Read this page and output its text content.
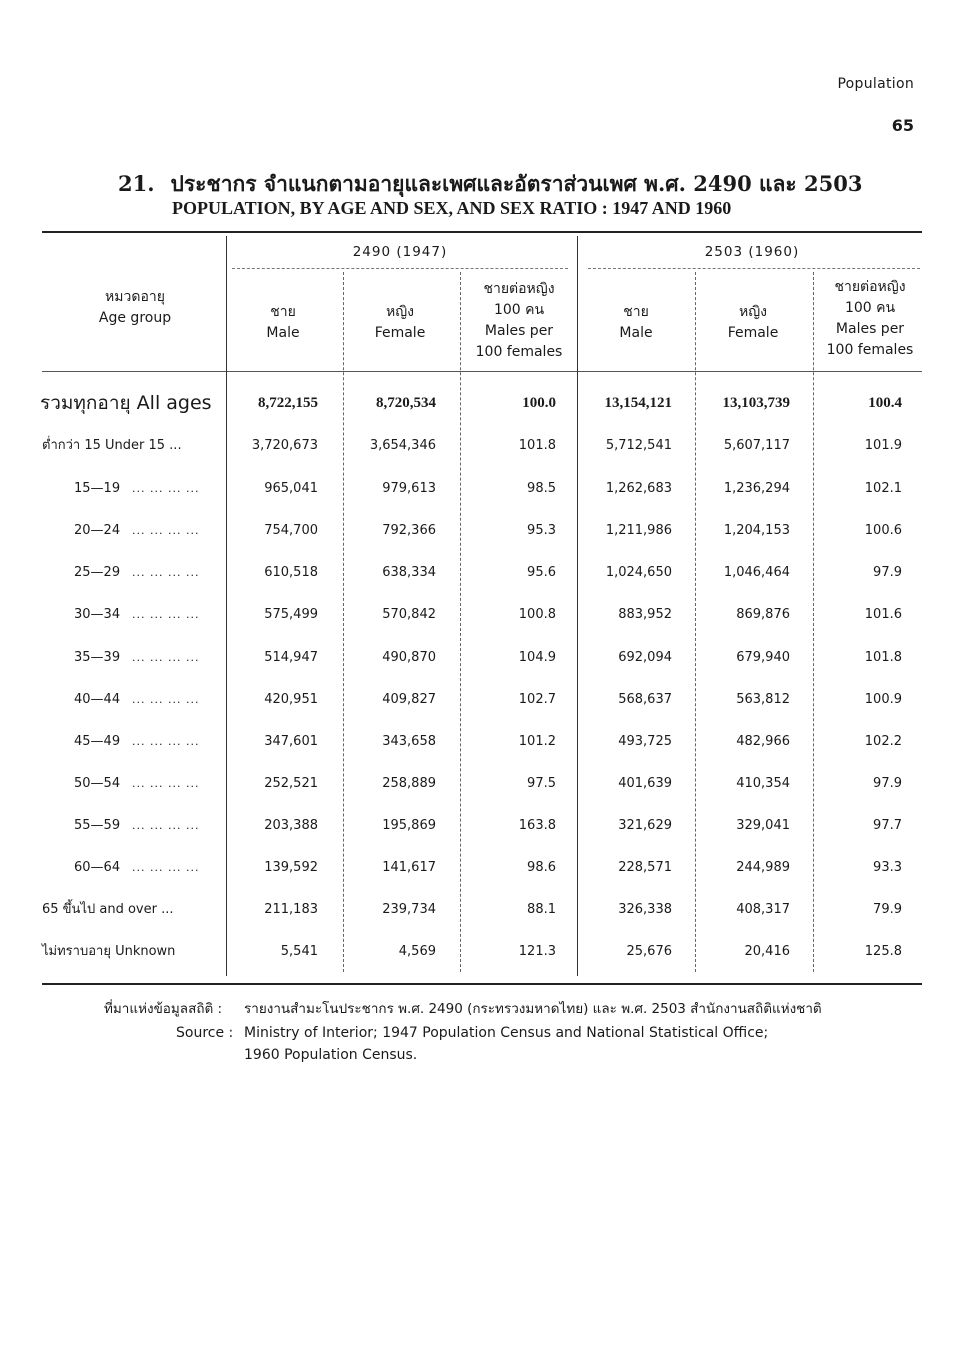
Population
65
21. ประชากร จำแนกตามอายุและเพศและอัตราส่วนเพศ พ.ศ. 2490 และ 2503
POPULATION, BY AGE AND SEX, AND SEX RATIO : 1947 AND 1960
หมวดอายุ
Age group
2490 (1947)	2503 (1960)
ชาย
Male
หญิง
Female
ชายต่อหญิง
100 คน
Males per
100 females
ชาย
Male
หญิง
Female
ชายต่อหญิง
100 คน
Males per
100 females
รวมทุกอายุ All ages	8,722,155	8,720,534	100.0	13,154,121	13,103,739	100.4
ต่ำกว่า 15 Under 15 ...	3,720,673	3,654,346	101.8	5,712,541	5,607,117	101.9
15—19 ... ... ... ...	965,041	979,613	98.5	1,262,683	1,236,294	102.1
20—24 ... ... ... ...	754,700	792,366	95.3	1,211,986	1,204,153	100.6
25—29 ... ... ... ...	610,518	638,334	95.6	1,024,650	1,046,464	97.9
30—34 ... ... ... ...	575,499	570,842	100.8	883,952	869,876	101.6
35—39 ... ... ... ...	514,947	490,870	104.9	692,094	679,940	101.8
40—44 ... ... ... ...	420,951	409,827	102.7	568,637	563,812	100.9
45—49 ... ... ... ...	347,601	343,658	101.2	493,725	482,966	102.2
50—54 ... ... ... ...	252,521	258,889	97.5	401,639	410,354	97.9
55—59 ... ... ... ...	203,388	195,869	163.8	321,629	329,041	97.7
60—64 ... ... ... ...	139,592	141,617	98.6	228,571	244,989	93.3
65 ขึ้นไป and over ...	211,183	239,734	88.1	326,338	408,317	79.9
ไม่ทราบอายุ Unknown	5,541	4,569	121.3	25,676	20,416	125.8
ที่มาแห่งข้อมูลสถิติ : รายงานสำมะโนประชากร พ.ศ. 2490 (กระทรวงมหาดไทย) และ พ.ศ. 2503 สำนักงานสถิติแห่งชาติ
Source : Ministry of Interior; 1947 Population Census and National Statistical Office;
1960 Population Census.
